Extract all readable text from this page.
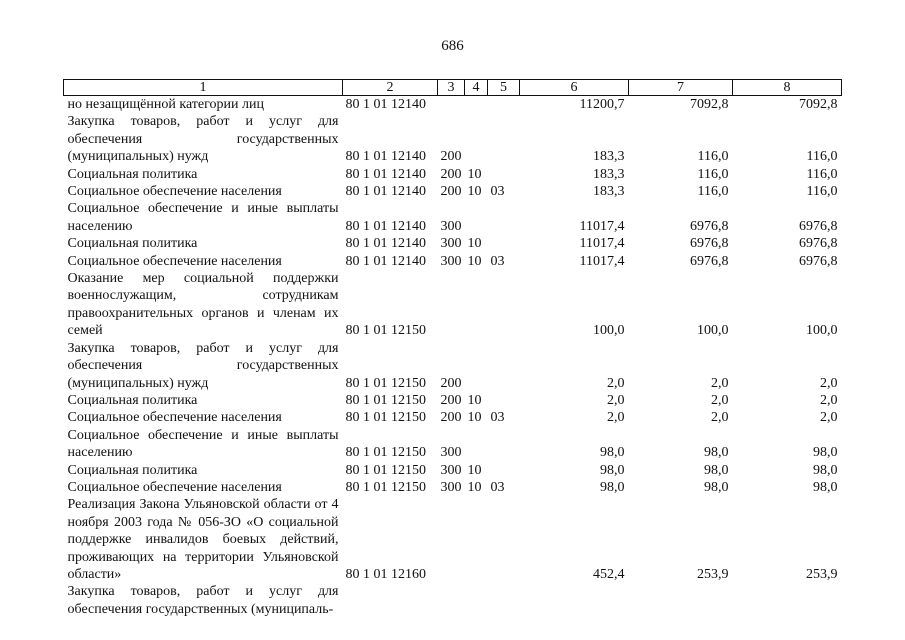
686
1	2	3	4	5	6	7	8
но незащищённой категории лиц	80 1 01 12140				11200,7	7092,8	7092,8
Закупка товаров, работ и услуг для обеспечения государственных (муниципальных) нужд	80 1 01 12140	200			183,3	116,0	116,0
Социальная политика	80 1 01 12140	200	10		183,3	116,0	116,0
Социальное обеспечение населения	80 1 01 12140	200	10	03	183,3	116,0	116,0
Социальное обеспечение и иные выплаты населению	80 1 01 12140	300			11017,4	6976,8	6976,8
Социальная политика	80 1 01 12140	300	10		11017,4	6976,8	6976,8
Социальное обеспечение населения	80 1 01 12140	300	10	03	11017,4	6976,8	6976,8
Оказание мер социальной поддержки военнослужащим, сотрудникам правоохранительных органов и членам их семей	80 1 01 12150				100,0	100,0	100,0
Закупка товаров, работ и услуг для обеспечения государственных (муниципальных) нужд	80 1 01 12150	200			2,0	2,0	2,0
Социальная политика	80 1 01 12150	200	10		2,0	2,0	2,0
Социальное обеспечение населения	80 1 01 12150	200	10	03	2,0	2,0	2,0
Социальное обеспечение и иные выплаты населению	80 1 01 12150	300			98,0	98,0	98,0
Социальная политика	80 1 01 12150	300	10		98,0	98,0	98,0
Социальное обеспечение населения	80 1 01 12150	300	10	03	98,0	98,0	98,0
Реализация Закона Ульяновской области от 4 ноября 2003 года № 056-ЗО «О социальной поддержке инвалидов боевых действий, проживающих на территории Ульяновской области»	80 1 01 12160				452,4	253,9	253,9
Закупка товаров, работ и услуг для обеспечения государственных (муниципаль-							
